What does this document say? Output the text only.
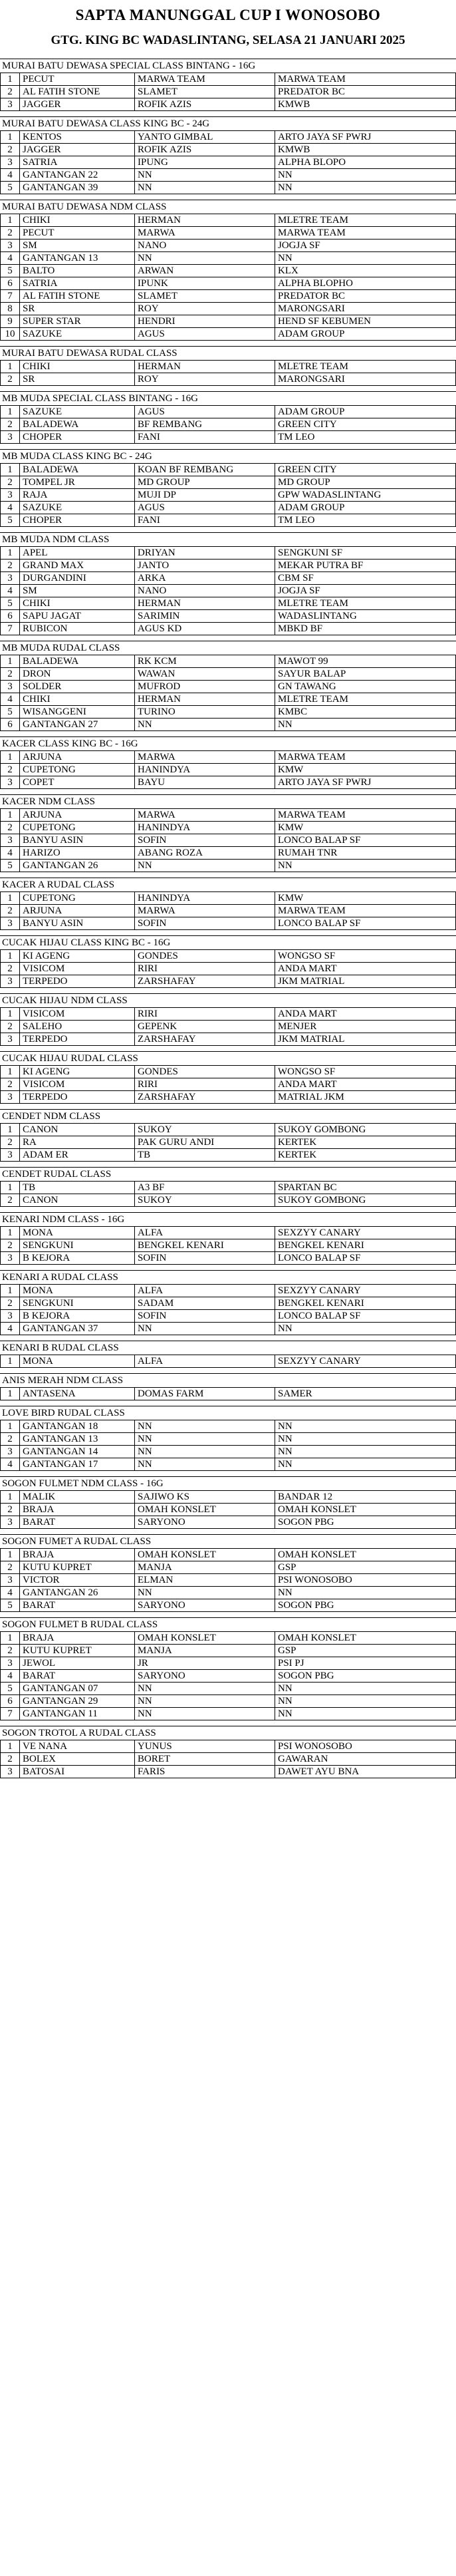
SAPTA MANUNGGAL CUP I WONOSOBO
GTG. KING BC WADASLINTANG, SELASA 21 JANUARI 2025
MURAI BATU DEWASA SPECIAL CLASS BINTANG - 16G
1	PECUT	MARWA TEAM	MARWA TEAM
2	AL FATIH STONE	SLAMET	PREDATOR BC
3	JAGGER	ROFIK AZIS	KMWB
MURAI BATU DEWASA CLASS KING BC - 24G
1	KENTOS	YANTO GIMBAL	ARTO JAYA SF PWRJ
2	JAGGER	ROFIK AZIS	KMWB
3	SATRIA	IPUNG	ALPHA BLOPO
4	GANTANGAN 22	NN	NN
5	GANTANGAN 39	NN	NN
MURAI BATU DEWASA NDM CLASS
1	CHIKI	HERMAN	MLETRE TEAM
2	PECUT	MARWA	MARWA TEAM
3	SM	NANO	JOGJA SF
4	GANTANGAN 13	NN	NN
5	BALTO	ARWAN	KLX
6	SATRIA	IPUNK	ALPHA BLOPHO
7	AL FATIH STONE	SLAMET	PREDATOR BC
8	SR	ROY	MARONGSARI
9	SUPER STAR	HENDRI	HEND SF KEBUMEN
10	SAZUKE	AGUS	ADAM GROUP
MURAI BATU DEWASA RUDAL CLASS
1	CHIKI	HERMAN	MLETRE TEAM
2	SR	ROY	MARONGSARI
MB MUDA SPECIAL CLASS BINTANG - 16G
1	SAZUKE	AGUS	ADAM GROUP
2	BALADEWA	BF REMBANG	GREEN CITY
3	CHOPER	FANI	TM LEO
MB MUDA CLASS KING BC - 24G
1	BALADEWA	KOAN BF REMBANG	GREEN CITY
2	TOMPEL JR	MD GROUP	MD GROUP
3	RAJA	MUJI DP	GPW WADASLINTANG
4	SAZUKE	AGUS	ADAM GROUP
5	CHOPER	FANI	TM LEO
MB MUDA NDM CLASS
1	APEL	DRIYAN	SENGKUNI SF
2	GRAND MAX	JANTO	MEKAR PUTRA BF
3	DURGANDINI	ARKA	CBM SF
4	SM	NANO	JOGJA SF
5	CHIKI	HERMAN	MLETRE TEAM
6	SAPU JAGAT	SARIMIN	WADASLINTANG
7	RUBICON	AGUS KD	MBKD BF
MB MUDA RUDAL CLASS
1	BALADEWA	RK KCM	MAWOT 99
2	DRON	WAWAN	SAYUR BALAP
3	SOLDER	MUFROD	GN TAWANG
4	CHIKI	HERMAN	MLETRE TEAM
5	WISANGGENI	TURINO	KMBC
6	GANTANGAN 27	NN	NN
KACER CLASS KING BC - 16G
1	ARJUNA	MARWA	MARWA TEAM
2	CUPETONG	HANINDYA	KMW
3	COPET	BAYU	ARTO JAYA SF PWRJ
KACER NDM CLASS
1	ARJUNA	MARWA	MARWA TEAM
2	CUPETONG	HANINDYA	KMW
3	BANYU ASIN	SOFIN	LONCO BALAP SF
4	HARIZO	ABANG ROZA	RUMAH TNR
5	GANTANGAN 26	NN	NN
KACER A RUDAL CLASS
1	CUPETONG	HANINDYA	KMW
2	ARJUNA	MARWA	MARWA TEAM
3	BANYU ASIN	SOFIN	LONCO BALAP SF
CUCAK HIJAU CLASS KING BC - 16G
1	KI AGENG	GONDES	WONGSO SF
2	VISICOM	RIRI	ANDA MART
3	TERPEDO	ZARSHAFAY	JKM MATRIAL
CUCAK HIJAU NDM CLASS
1	VISICOM	RIRI	ANDA MART
2	SALEHO	GEPENK	MENJER
3	TERPEDO	ZARSHAFAY	JKM MATRIAL
CUCAK HIJAU RUDAL CLASS
1	KI AGENG	GONDES	WONGSO SF
2	VISICOM	RIRI	ANDA MART
3	TERPEDO	ZARSHAFAY	MATRIAL JKM
CENDET NDM CLASS
1	CANON	SUKOY	SUKOY GOMBONG
2	RA	PAK GURU ANDI	KERTEK
3	ADAM ER	TB	KERTEK
CENDET RUDAL CLASS
1	TB	A3 BF	SPARTAN BC
2	CANON	SUKOY	SUKOY GOMBONG
KENARI NDM CLASS - 16G
1	MONA	ALFA	SEXZYY CANARY
2	SENGKUNI	BENGKEL KENARI	BENGKEL KENARI
3	B KEJORA	SOFIN	LONCO BALAP SF
KENARI A RUDAL CLASS
1	MONA	ALFA	SEXZYY CANARY
2	SENGKUNI	SADAM	BENGKEL KENARI
3	B KEJORA	SOFIN	LONCO BALAP SF
4	GANTANGAN 37	NN	NN
KENARI B RUDAL CLASS
1	MONA	ALFA	SEXZYY CANARY
ANIS MERAH NDM CLASS
1	ANTASENA	DOMAS FARM	SAMER
LOVE BIRD RUDAL CLASS
1	GANTANGAN 18	NN	NN
2	GANTANGAN 13	NN	NN
3	GANTANGAN 14	NN	NN
4	GANTANGAN 17	NN	NN
SOGON FULMET NDM CLASS - 16G
1	MALIK	SAJIWO KS	BANDAR 12
2	BRAJA	OMAH KONSLET	OMAH KONSLET
3	BARAT	SARYONO	SOGON PBG
SOGON FUMET A RUDAL CLASS
1	BRAJA	OMAH KONSLET	OMAH KONSLET
2	KUTU KUPRET	MANJA	GSP
3	VICTOR	ELMAN	PSI WONOSOBO
4	GANTANGAN 26	NN	NN
5	BARAT	SARYONO	SOGON PBG
SOGON FULMET B RUDAL CLASS
1	BRAJA	OMAH KONSLET	OMAH KONSLET
2	KUTU KUPRET	MANJA	GSP
3	JEWOL	JR	PSI PJ
4	BARAT	SARYONO	SOGON PBG
5	GANTANGAN 07	NN	NN
6	GANTANGAN 29	NN	NN
7	GANTANGAN 11	NN	NN
SOGON TROTOL A RUDAL CLASS
1	VE NANA	YUNUS	PSI WONOSOBO
2	BOLEX	BORET	GAWARAN
3	BATOSAI	FARIS	DAWET AYU BNA
